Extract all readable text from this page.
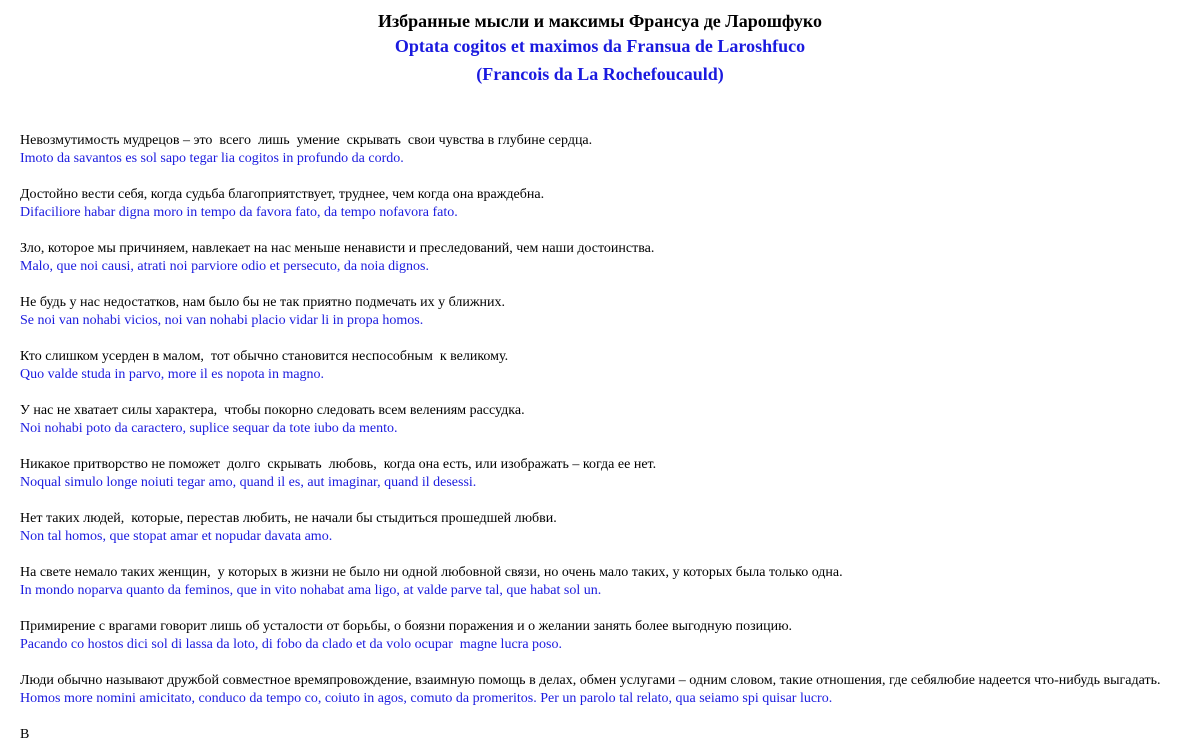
Избранные мысли и максимы Франсуа де Ларошфуко
Optata cogitos et maximos da Fransua de Laroshfuco
(Francois da La Rochefoucauld)
Невозмутимость мудрецов – это  всего  лишь  умение  скрывать  свои чувства в глубине сердца.
Imoto da savantos es sol sapo tegar lia cogitos in profundo da cordo.
Достойно вести себя, когда судьба благоприятствует, труднее, чем когда она враждебна.
Difaciliore habar digna moro in tempo da favora fato, da tempo nofavora fato.
Зло, которое мы причиняем, навлекает на нас меньше ненависти и преследований, чем наши достоинства.
Malo, que noi causi, atrati noi parviore odio et persecuto, da noia dignos.
Не будь у нас недостатков, нам было бы не так приятно подмечать их у ближних.
Se noi van nohabi vicios, noi van nohabi placio vidar li in propa homos.
Кто слишком усерден в малом,  тот обычно становится неспособным  к великому.
Quo valde studa in parvo, more il es nopota in magno.
У нас не хватает силы характера,  чтобы покорно следовать всем велениям рассудка.
Noi nohabi poto da caractero, suplice sequar da tote iubo da mento.
Никакое притворство не поможет  долго  скрывать  любовь,  когда она есть, или изображать – когда ее нет.
Noqual simulo longe noiuti tegar amo, quand il es, aut imaginar, quand il desessi.
Нет таких людей,  которые, перестав любить, не начали бы стыдиться прошедшей любви.
Non tal homos, que stopat amar et nopudar davata amo.
На свете немало таких женщин,  у которых в жизни не было ни одной любовной связи, но очень мало таких, у которых была только одна.
In mondo noparva quanto da feminos, que in vito nohabat ama ligo, at valde parve tal, que habat sol un.
Примирение с врагами говорит лишь об усталости от борьбы, о боязни поражения и о желании занять более выгодную позицию.
Pacando co hostos dici sol di lassa da loto, di fobo da clado et da volo ocupar  magne lucra poso.
Люди обычно называют дружбой совместное времяпровождение, взаимную помощь в делах, обмен услугами – одним словом, такие отношения, где себялюбие надеется что-нибудь выгадать.
Homos more nomini amicitato, conduco da tempo co, coiuto in agos, comuto da promeritos. Per un parolo tal relato, qua seiamo spi quisar lucro.
В
